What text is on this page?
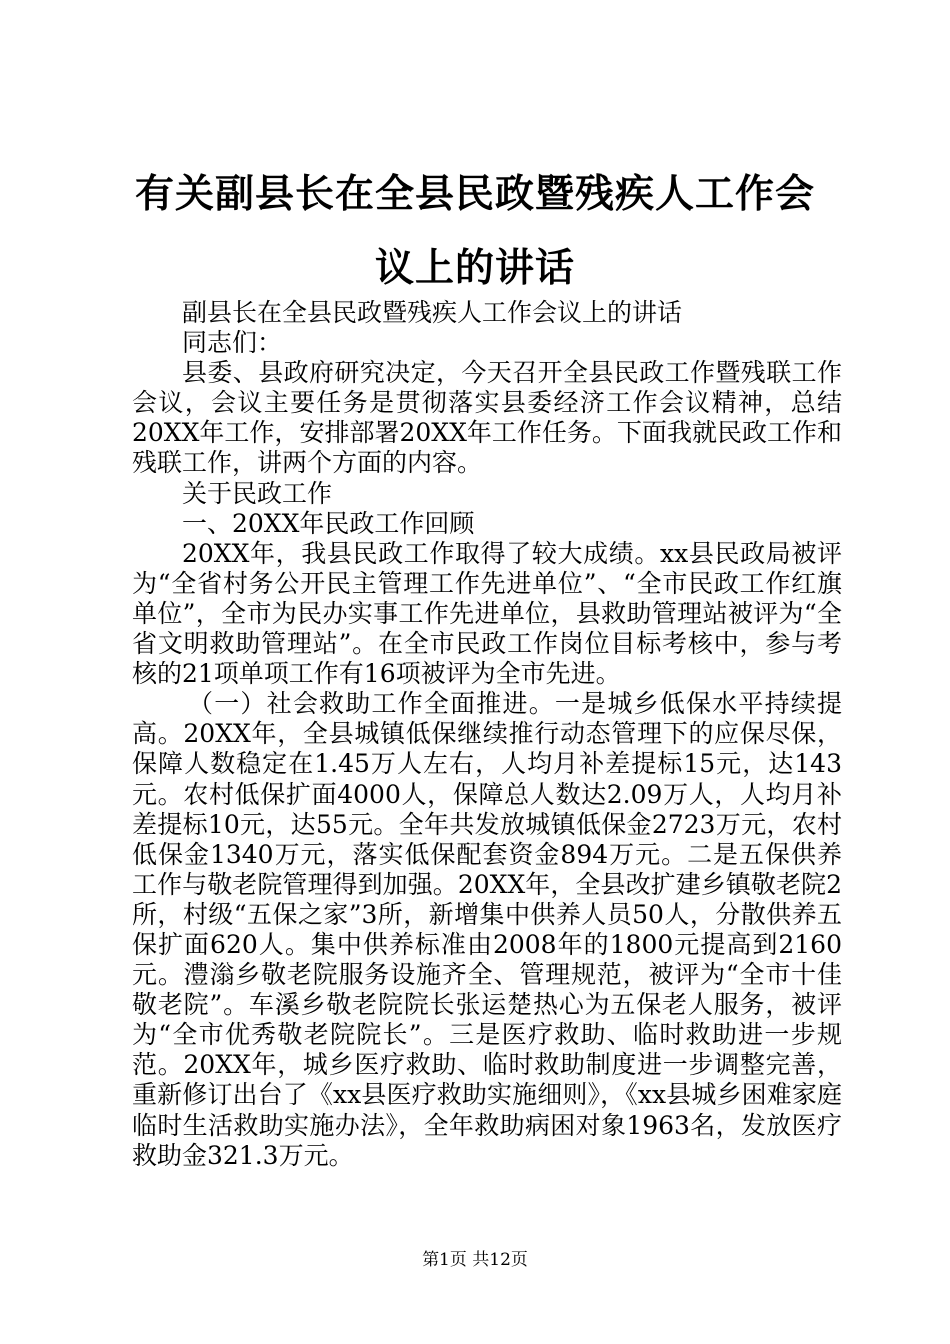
有关副县长在全县民政暨残疾人工作会议上的讲话

副县长在全县民政暨残疾人工作会议上的讲话

同志们：

县委、县政府研究决定，今天召开全县民政工作暨残联工作会议，会议主要任务是贯彻落实县委经济工作会议精神，总结20XX年工作，安排部署20XX年工作任务。下面我就民政工作和残联工作，讲两个方面的内容。

关于民政工作

一、20XX年民政工作回顾

20XX年，我县民政工作取得了较大成绩。xx县民政局被评为“全省村务公开民主管理工作先进单位”、“全市民政工作红旗单位”，全市为民办实事工作先进单位，县救助管理站被评为“全省文明救助管理站”。在全市民政工作岗位目标考核中，参与考核的21项单项工作有16项被评为全市先进。

（一）社会救助工作全面推进。一是城乡低保水平持续提高。20XX年，全县城镇低保继续推行动态管理下的应保尽保，保障人数稳定在1.45万人左右，人均月补差提标15元，达143元。农村低保扩面4000人，保障总人数达2.09万人，人均月补差提标10元，达55元。全年共发放城镇低保金2723万元，农村低保金1340万元，落实低保配套资金894万元。二是五保供养工作与敬老院管理得到加强。20XX年，全县改扩建乡镇敬老院2所，村级“五保之家”3所，新增集中供养人员50人，分散供养五保扩面620人。集中供养标准由2008年的1800元提高到2160元。澧滃乡敬老院服务设施齐全、管理规范，被评为“全市十佳敬老院”。车溪乡敬老院院长张运楚热心为五保老人服务，被评为“全市优秀敬老院院长”。三是医疗救助、临时救助进一步规范。20XX年，城乡医疗救助、临时救助制度进一步调整完善，重新修订出台了《xx县医疗救助实施细则》，《xx县城乡困难家庭临时生活救助实施办法》，全年救助病困对象1963名，发放医疗救助金321.3万元。

第1页 共12页
